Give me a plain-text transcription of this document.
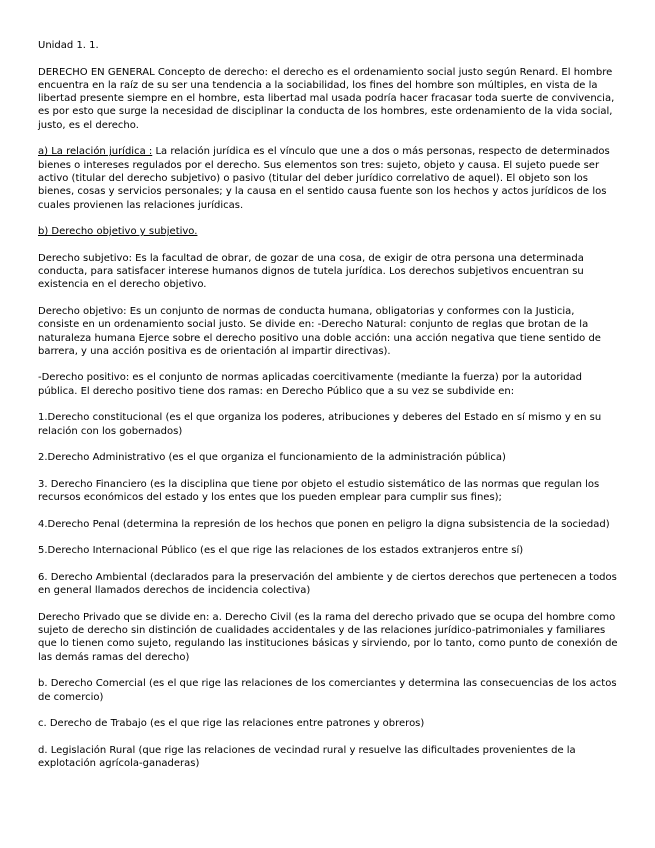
Unidad 1. 1.

DERECHO EN GENERAL Concepto de derecho: el derecho es el ordenamiento social justo según Renard. El hombre encuentra en la raíz de su ser una tendencia a la sociabilidad, los fines del hombre son múltiples, en vista de la libertad presente siempre en el hombre, esta libertad mal usada podría hacer fracasar toda suerte de convivencia, es por esto que surge la necesidad de disciplinar la conducta de los hombres, este ordenamiento de la vida social, justo, es el derecho.

a) La relación jurídica : La relación jurídica es el vínculo que une a dos o más personas, respecto de determinados bienes o intereses regulados por el derecho. Sus elementos son tres: sujeto, objeto y causa. El sujeto puede ser activo (titular del derecho subjetivo) o pasivo (titular del deber jurídico correlativo de aquel). El objeto son los bienes, cosas y servicios personales; y la causa en el sentido causa fuente son los hechos y actos jurídicos de los cuales provienen las relaciones jurídicas.

b) Derecho objetivo y subjetivo.

Derecho subjetivo: Es la facultad de obrar, de gozar de una cosa, de exigir de otra persona una determinada conducta, para satisfacer interese humanos dignos de tutela jurídica. Los derechos subjetivos encuentran su existencia en el derecho objetivo.

Derecho objetivo: Es un conjunto de normas de conducta humana, obligatorias y conformes con la Justicia, consiste en un ordenamiento social justo. Se divide en: -Derecho Natural: conjunto de reglas que brotan de la naturaleza humana Ejerce sobre el derecho positivo una doble acción: una acción negativa que tiene sentido de barrera, y una acción positiva es de orientación al impartir directivas).

-Derecho positivo: es el conjunto de normas aplicadas coercitivamente (mediante la fuerza) por la autoridad pública. El derecho positivo tiene dos ramas: en Derecho Público que a su vez se subdivide en:

1.Derecho constitucional (es el que organiza los poderes, atribuciones y deberes del Estado en sí mismo y en su relación con los gobernados)

2.Derecho Administrativo (es el que organiza el funcionamiento de la administración pública)

3. Derecho Financiero (es la disciplina que tiene por objeto el estudio sistemático de las normas que regulan los recursos económicos del estado y los entes que los pueden emplear para cumplir sus fines);

4.Derecho Penal (determina la represión de los hechos que ponen en peligro la digna subsistencia de la sociedad)

5.Derecho Internacional Público (es el que rige las relaciones de los estados extranjeros entre sí)

6. Derecho Ambiental (declarados para la preservación del ambiente y de ciertos derechos que pertenecen a todos en general llamados derechos de incidencia colectiva)

Derecho Privado que se divide en: a. Derecho Civil (es la rama del derecho privado que se ocupa del hombre como sujeto de derecho sin distinción de cualidades accidentales y de las relaciones jurídico-patrimoniales y familiares que lo tienen como sujeto, regulando las instituciones básicas y sirviendo, por lo tanto, como punto de conexión de las demás ramas del derecho)

b. Derecho Comercial (es el que rige las relaciones de los comerciantes y determina las consecuencias de los actos de comercio)

c. Derecho de Trabajo (es el que rige las relaciones entre patrones y obreros)

d. Legislación Rural (que rige las relaciones de vecindad rural y resuelve las dificultades provenientes de la explotación agrícola-ganaderas)
